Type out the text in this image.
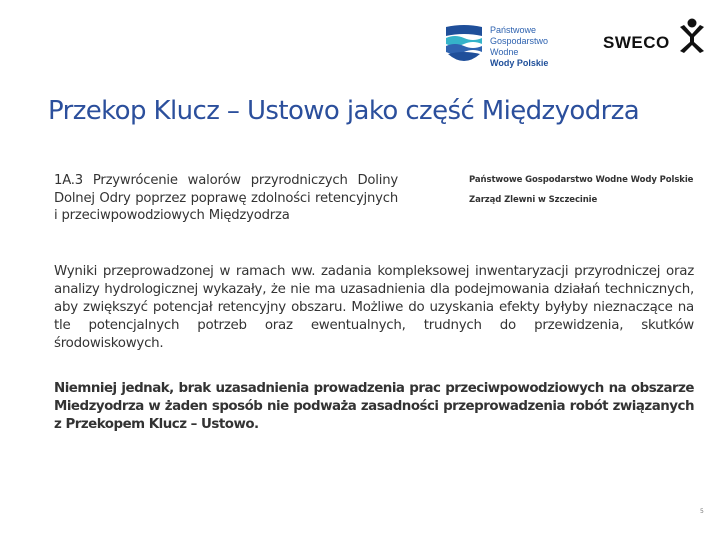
Państwowe
Gospodarstwo Wodne
Wody Polskie
SWECO
Przekop Klucz – Ustowo jako część Międzyodrza
1A.3 Przywrócenie walorów przyrodniczych Doliny Dolnej Odry poprzez poprawę zdolności retencyjnych i przeciwpowodziowych Międzyodrza
Państwowe Gospodarstwo Wodne Wody Polskie
Zarząd Zlewni w Szczecinie

Wyniki przeprowadzonej w ramach ww. zadania kompleksowej inwentaryzacji przyrodniczej oraz analizy hydrologicznej wykazały, że nie ma uzasadnienia dla podejmowania działań technicznych, aby zwiększyć potencjał retencyjny obszaru. Możliwe do uzyskania efekty byłyby nieznaczące na tle potencjalnych potrzeb oraz ewentualnych, trudnych do przewidzenia, skutków środowiskowych.

Niemniej jednak, brak uzasadnienia prowadzenia prac przeciwpowodziowych na obszarze Miedzyodrza w żaden sposób nie podważa zasadności przeprowadzenia robót związanych z Przekopem Klucz – Ustowo.

5
